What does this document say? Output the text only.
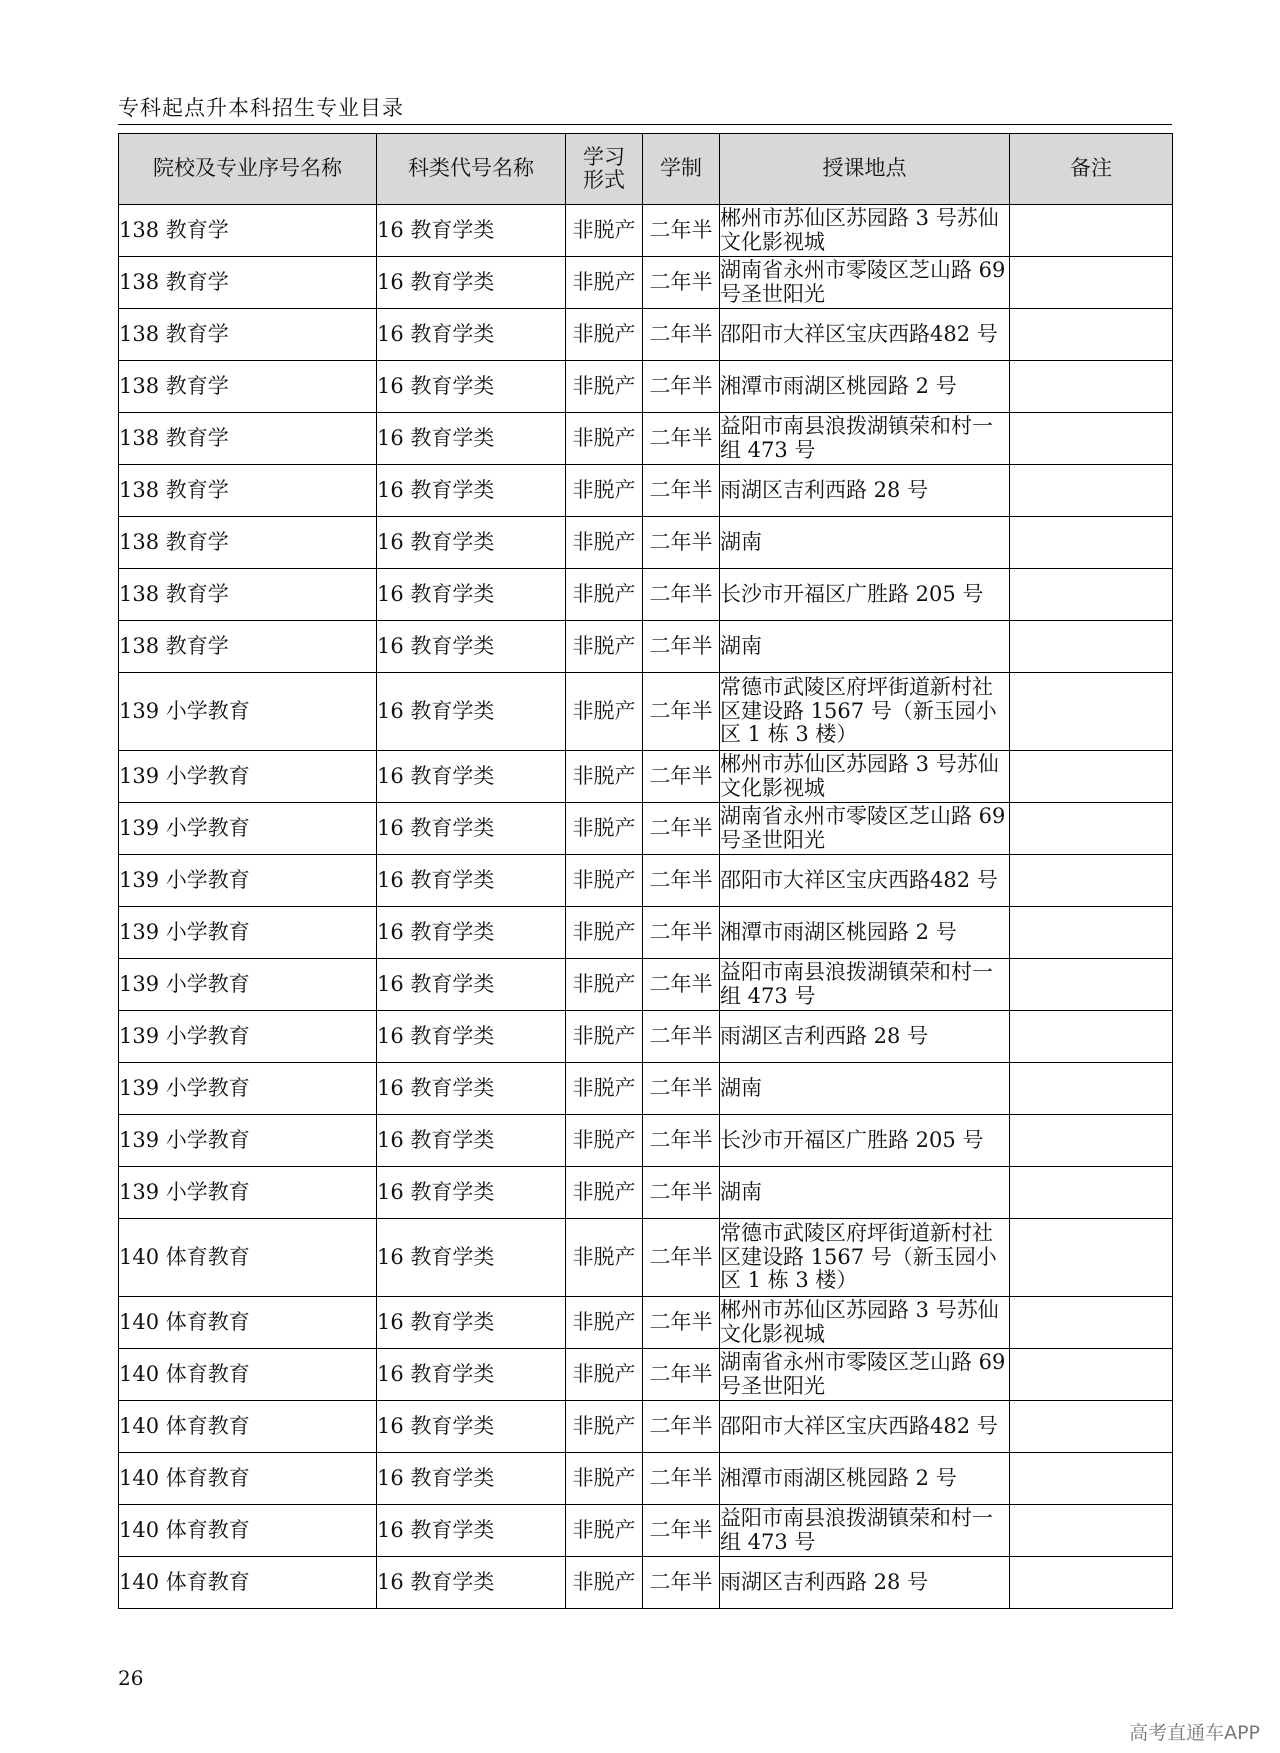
专科起点升本科招生专业目录
院校及专业序号名称	科类代号名称	学习形式	学制	授课地点	备注
138 教育学	16 教育学类	非脱产	二年半	郴州市苏仙区苏园路 3 号苏仙文化影视城	
138 教育学	16 教育学类	非脱产	二年半	湖南省永州市零陵区芝山路 69 号圣世阳光	
138 教育学	16 教育学类	非脱产	二年半	邵阳市大祥区宝庆西路482 号	
138 教育学	16 教育学类	非脱产	二年半	湘潭市雨湖区桃园路 2 号	
138 教育学	16 教育学类	非脱产	二年半	益阳市南县浪拨湖镇荣和村一组 473 号	
138 教育学	16 教育学类	非脱产	二年半	雨湖区吉利西路 28 号	
138 教育学	16 教育学类	非脱产	二年半	湖南	
138 教育学	16 教育学类	非脱产	二年半	长沙市开福区广胜路 205 号	
138 教育学	16 教育学类	非脱产	二年半	湖南	
139 小学教育	16 教育学类	非脱产	二年半	常德市武陵区府坪街道新村社区建设路 1567 号（新玉园小区 1 栋 3 楼）	
139 小学教育	16 教育学类	非脱产	二年半	郴州市苏仙区苏园路 3 号苏仙文化影视城	
139 小学教育	16 教育学类	非脱产	二年半	湖南省永州市零陵区芝山路 69 号圣世阳光	
139 小学教育	16 教育学类	非脱产	二年半	邵阳市大祥区宝庆西路482 号	
139 小学教育	16 教育学类	非脱产	二年半	湘潭市雨湖区桃园路 2 号	
139 小学教育	16 教育学类	非脱产	二年半	益阳市南县浪拨湖镇荣和村一组 473 号	
139 小学教育	16 教育学类	非脱产	二年半	雨湖区吉利西路 28 号	
139 小学教育	16 教育学类	非脱产	二年半	湖南	
139 小学教育	16 教育学类	非脱产	二年半	长沙市开福区广胜路 205 号	
139 小学教育	16 教育学类	非脱产	二年半	湖南	
140 体育教育	16 教育学类	非脱产	二年半	常德市武陵区府坪街道新村社区建设路 1567 号（新玉园小区 1 栋 3 楼）	
140 体育教育	16 教育学类	非脱产	二年半	郴州市苏仙区苏园路 3 号苏仙文化影视城	
140 体育教育	16 教育学类	非脱产	二年半	湖南省永州市零陵区芝山路 69 号圣世阳光	
140 体育教育	16 教育学类	非脱产	二年半	邵阳市大祥区宝庆西路482 号	
140 体育教育	16 教育学类	非脱产	二年半	湘潭市雨湖区桃园路 2 号	
140 体育教育	16 教育学类	非脱产	二年半	益阳市南县浪拨湖镇荣和村一组 473 号	
140 体育教育	16 教育学类	非脱产	二年半	雨湖区吉利西路 28 号	
26
高考直通车APP
